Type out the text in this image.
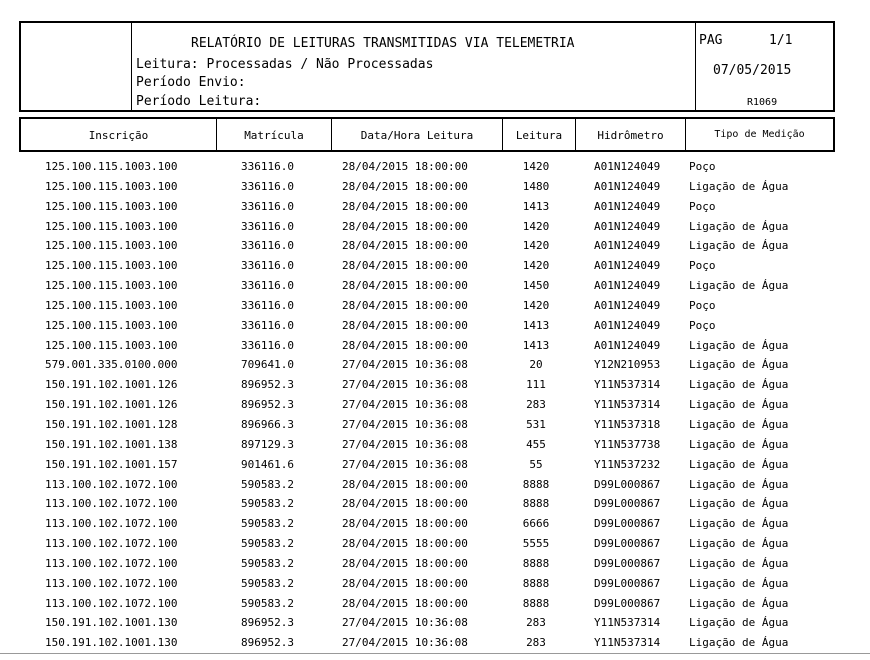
RELATÓRIO DE LEITURAS TRANSMITIDAS VIA TELEMETRIA
Leitura: Processadas / Não Processadas
Período Envio:
Período Leitura:
PAG	1/1
07/05/2015
R1069
Inscrição	Matrícula	Data/Hora Leitura	Leitura	Hidrômetro	Tipo de Medição
125.100.115.1003.100	336116.0	28/04/2015 18:00:00	1420	A01N124049	Poço
125.100.115.1003.100	336116.0	28/04/2015 18:00:00	1480	A01N124049	Ligação de Água
125.100.115.1003.100	336116.0	28/04/2015 18:00:00	1413	A01N124049	Poço
125.100.115.1003.100	336116.0	28/04/2015 18:00:00	1420	A01N124049	Ligação de Água
125.100.115.1003.100	336116.0	28/04/2015 18:00:00	1420	A01N124049	Ligação de Água
125.100.115.1003.100	336116.0	28/04/2015 18:00:00	1420	A01N124049	Poço
125.100.115.1003.100	336116.0	28/04/2015 18:00:00	1450	A01N124049	Ligação de Água
125.100.115.1003.100	336116.0	28/04/2015 18:00:00	1420	A01N124049	Poço
125.100.115.1003.100	336116.0	28/04/2015 18:00:00	1413	A01N124049	Poço
125.100.115.1003.100	336116.0	28/04/2015 18:00:00	1413	A01N124049	Ligação de Água
579.001.335.0100.000	709641.0	27/04/2015 10:36:08	20	Y12N210953	Ligação de Água
150.191.102.1001.126	896952.3	27/04/2015 10:36:08	111	Y11N537314	Ligação de Água
150.191.102.1001.126	896952.3	27/04/2015 10:36:08	283	Y11N537314	Ligação de Água
150.191.102.1001.128	896966.3	27/04/2015 10:36:08	531	Y11N537318	Ligação de Água
150.191.102.1001.138	897129.3	27/04/2015 10:36:08	455	Y11N537738	Ligação de Água
150.191.102.1001.157	901461.6	27/04/2015 10:36:08	55	Y11N537232	Ligação de Água
113.100.102.1072.100	590583.2	28/04/2015 18:00:00	8888	D99L000867	Ligação de Água
113.100.102.1072.100	590583.2	28/04/2015 18:00:00	8888	D99L000867	Ligação de Água
113.100.102.1072.100	590583.2	28/04/2015 18:00:00	6666	D99L000867	Ligação de Água
113.100.102.1072.100	590583.2	28/04/2015 18:00:00	5555	D99L000867	Ligação de Água
113.100.102.1072.100	590583.2	28/04/2015 18:00:00	8888	D99L000867	Ligação de Água
113.100.102.1072.100	590583.2	28/04/2015 18:00:00	8888	D99L000867	Ligação de Água
113.100.102.1072.100	590583.2	28/04/2015 18:00:00	8888	D99L000867	Ligação de Água
150.191.102.1001.130	896952.3	27/04/2015 10:36:08	283	Y11N537314	Ligação de Água
150.191.102.1001.130	896952.3	27/04/2015 10:36:08	283	Y11N537314	Ligação de Água
